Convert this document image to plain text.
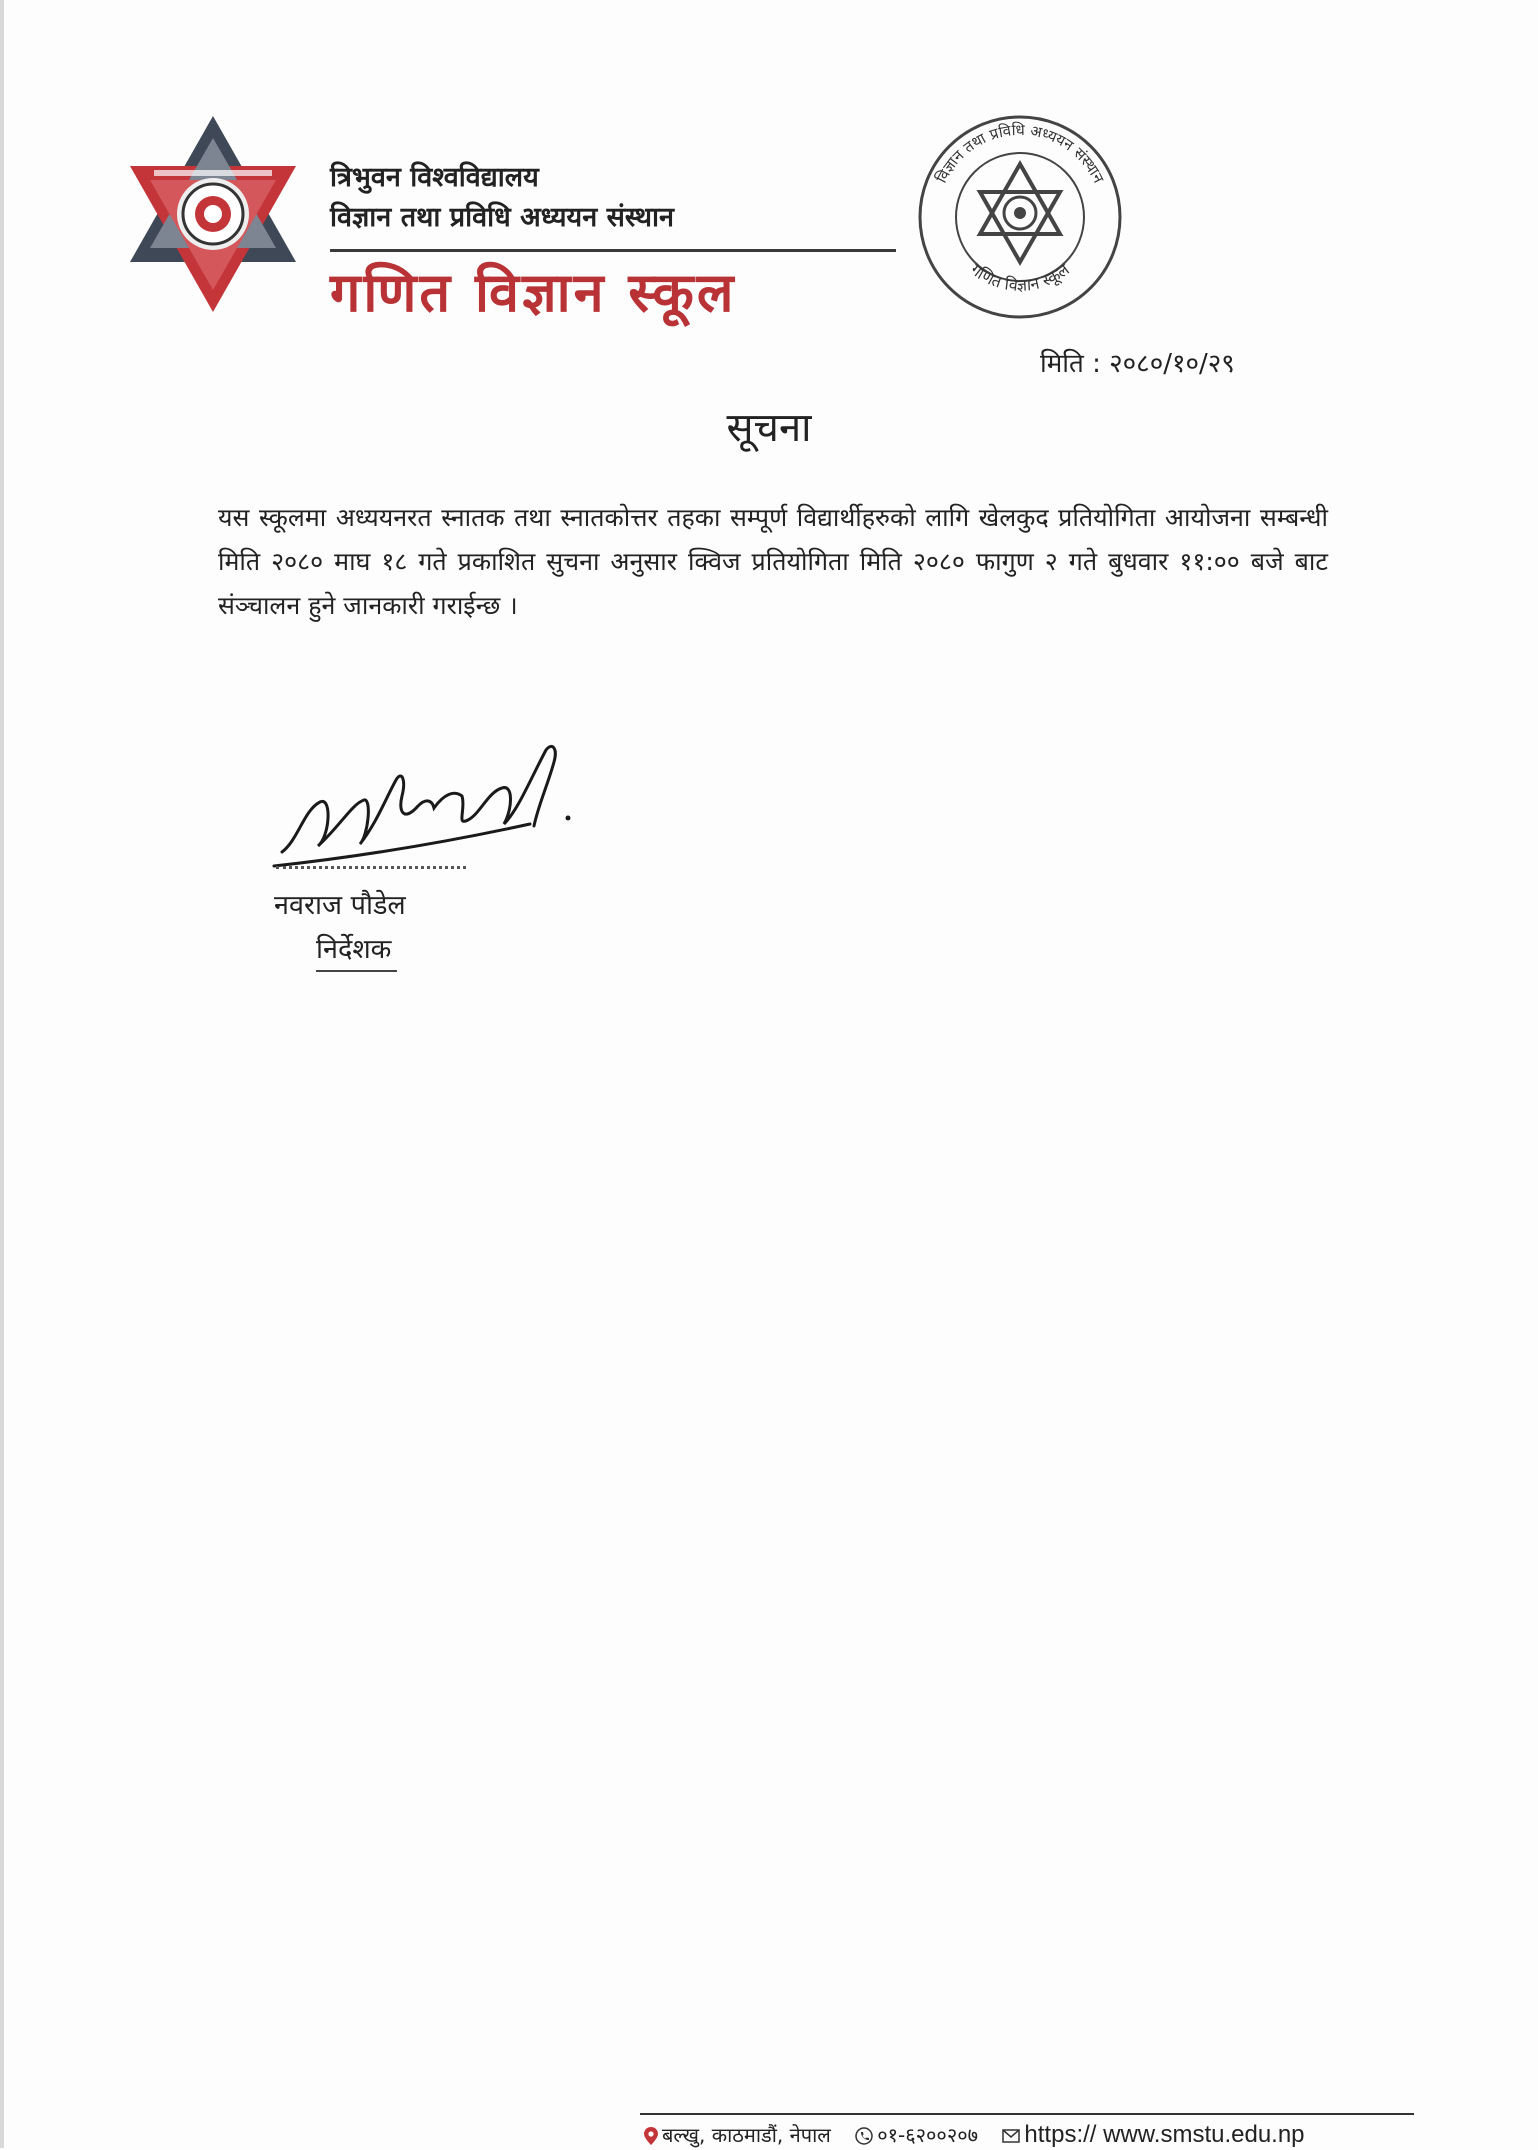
त्रिभुवन विश्वविद्यालय
विज्ञान तथा प्रविधि अध्ययन संस्थान
गणित विज्ञान स्कूल
विज्ञान तथा प्रविधि अध्ययन संस्थान
गणित विज्ञान स्कूल
मिति : २०८०/१०/२९
सूचना
यस स्कूलमा अध्ययनरत स्नातक तथा स्नातकोत्तर तहका सम्पूर्ण विद्यार्थीहरुको लागि खेलकुद प्रतियोगिता आयोजना सम्बन्धी मिति २०८० माघ १८ गते प्रकाशित सुचना अनुसार क्विज प्रतियोगिता मिति २०८० फागुण २ गते बुधवार ११:०० बजे बाट संञ्चालन हुने जानकारी गराईन्छ ।
नवराज पौडेल
निर्देशक
बल्खु, काठमाडौं, नेपाल ०१-६२००२०७ https:// www.smstu.edu.np
